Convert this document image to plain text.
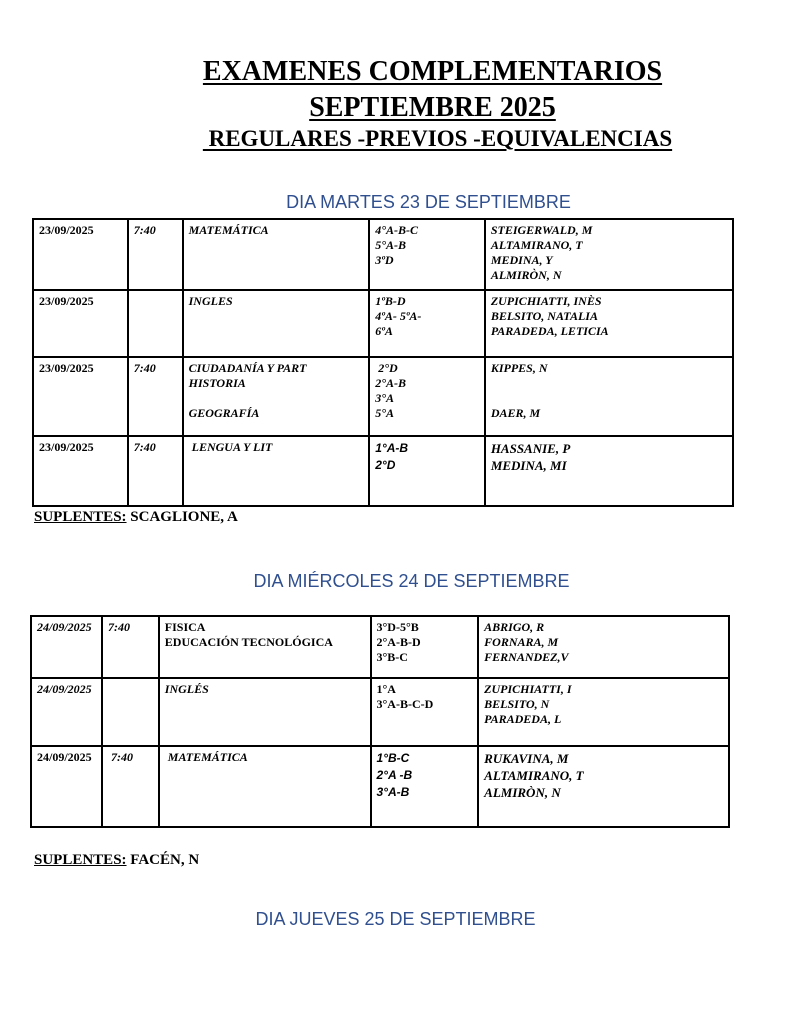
EXAMENES COMPLEMENTARIOS
SEPTIEMBRE 2025
REGULARES -PREVIOS -EQUIVALENCIAS
DIA MARTES 23 DE SEPTIEMBRE
23/09/2025	7:40	MATEMÁTICA	4°A-B-C
5°A-B
3ºD	STEIGERWALD, M
ALTAMIRANO, T
MEDINA, Y
ALMIRÒN, N

23/09/2025		INGLES	1ºB-D
4ºA- 5ºA-
6ºA	ZUPICHIATTI, INÈS
BELSITO, NATALIA
PARADEDA, LETICIA

23/09/2025	7:40	CIUDADANÍA Y PART
HISTORIA
GEOGRAFÍA	2°D
2°A-B
3°A
5°A	KIPPES, N
DAER, M

23/09/2025	7:40	LENGUA Y LIT	1°A-B
2°D	HASSANIE, P
MEDINA, MI
SUPLENTES: SCAGLIONE, A
DIA MIÉRCOLES 24 DE SEPTIEMBRE
24/09/2025	7:40	FISICA
EDUCACIÓN TECNOLÓGICA	3°D-5°B
2°A-B-D
3°B-C	ABRIGO, R
FORNARA, M
FERNANDEZ,V

24/09/2025		INGLÉS	1°A
3°A-B-C-D	ZUPICHIATTI, I
BELSITO, N
PARADEDA, L

24/09/2025	7:40	MATEMÁTICA	1°B-C
2°A -B
3°A-B	RUKAVINA, M
ALTAMIRANO, T
ALMIRÒN, N
SUPLENTES: FACÉN, N
DIA JUEVES 25 DE SEPTIEMBRE
